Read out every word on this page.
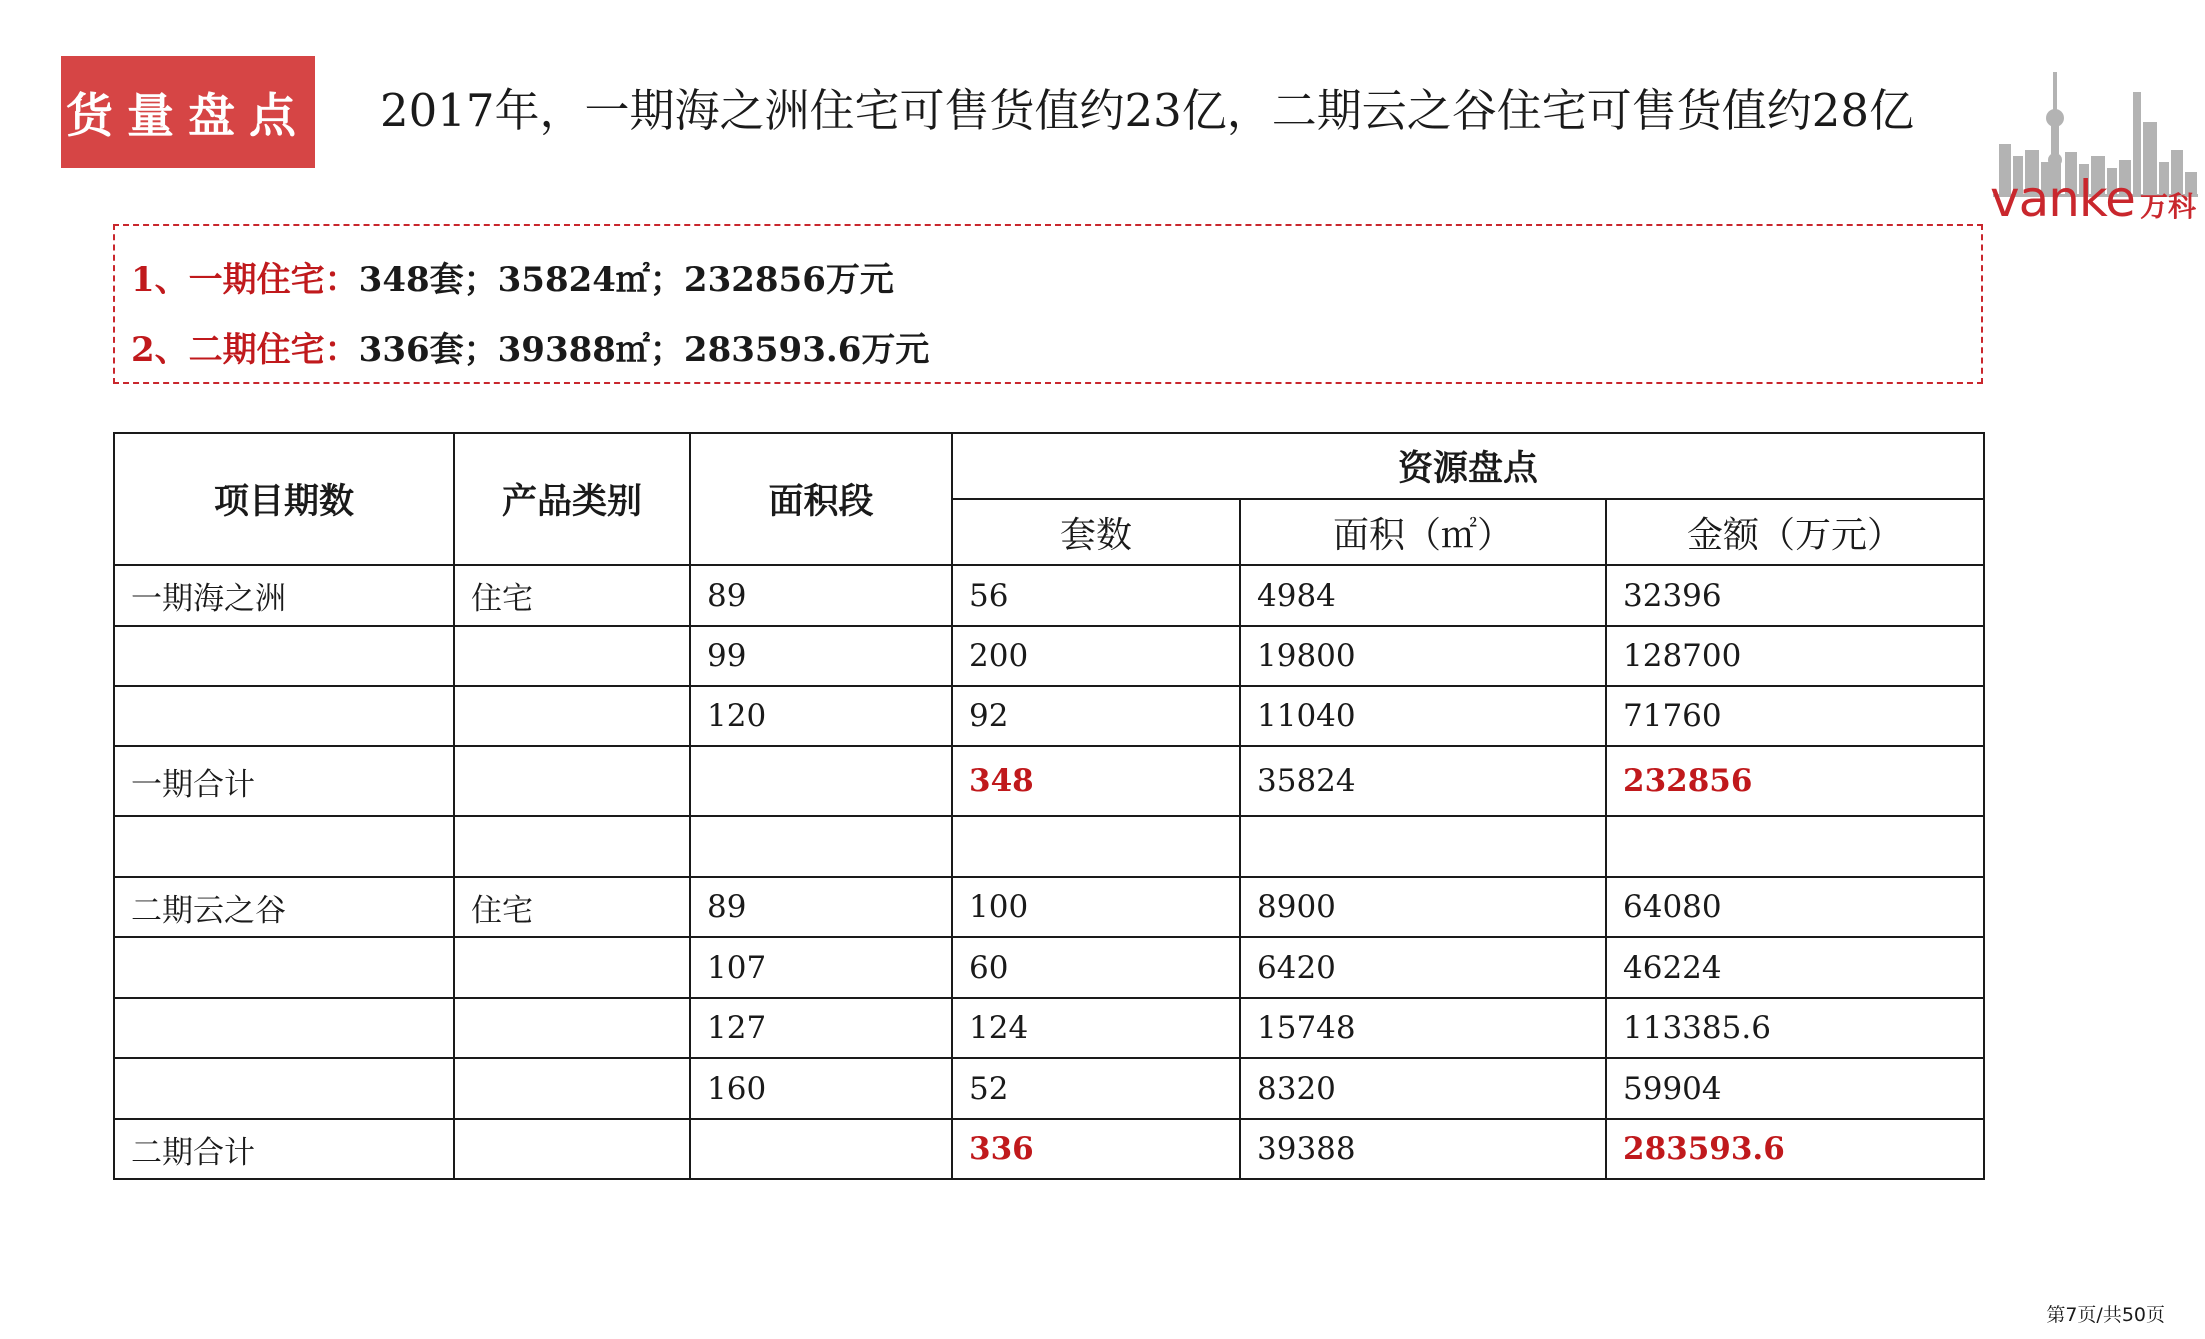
货量盘点 2017年，一期海之洲住宅可售货值约23亿，二期云之谷住宅可售货值约28亿
vanke 万科
1、一期住宅：348套；35824㎡；232856万元
2、二期住宅：336套；39388㎡；283593.6万元
项目期数	产品类别	面积段	资源盘点		
			套数	面积（㎡）	金额（万元）
一期海之洲	住宅	89	56	4984	32396
		99	200	19800	128700
		120	92	11040	71760
一期合计			348	35824	232856

二期云之谷	住宅	89	100	8900	64080
		107	60	6420	46224
		127	124	15748	113385.6
		160	52	8320	59904
二期合计			336	39388	283593.6
第7页/共50页
